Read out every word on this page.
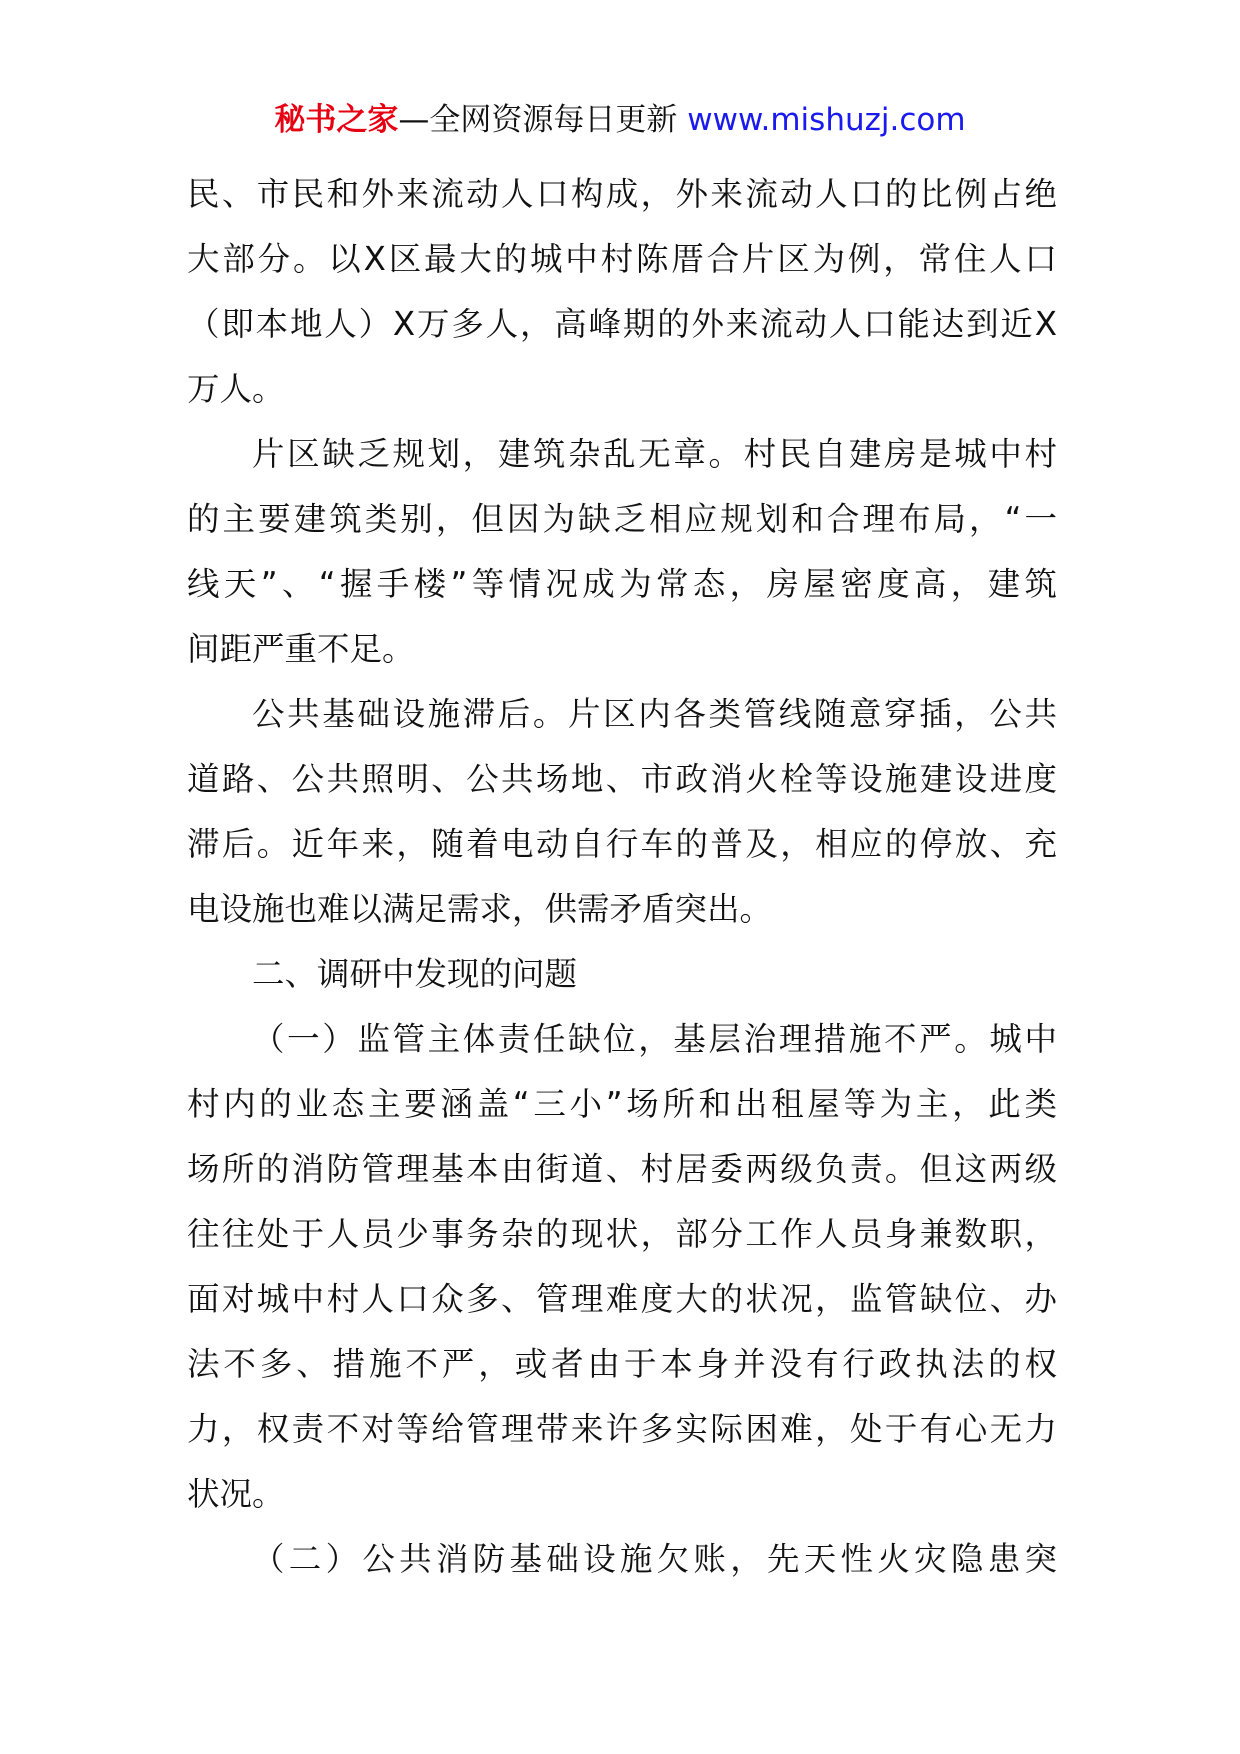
秘书之家—全网资源每日更新 www.mishuzj.com
民、市民和外来流动人口构成，外来流动人口的比例占绝
大部分。以X区最大的城中村陈厝合片区为例，常住人口
（即本地人）X万多人，高峰期的外来流动人口能达到近X
万人。
片区缺乏规划，建筑杂乱无章。村民自建房是城中村
的主要建筑类别，但因为缺乏相应规划和合理布局，“一
线天”、“握手楼”等情况成为常态，房屋密度高，建筑
间距严重不足。
公共基础设施滞后。片区内各类管线随意穿插，公共
道路、公共照明、公共场地、市政消火栓等设施建设进度
滞后。近年来，随着电动自行车的普及，相应的停放、充
电设施也难以满足需求，供需矛盾突出。
二、调研中发现的问题
（一）监管主体责任缺位，基层治理措施不严。城中
村内的业态主要涵盖“三小”场所和出租屋等为主，此类
场所的消防管理基本由街道、村居委两级负责。但这两级
往往处于人员少事务杂的现状，部分工作人员身兼数职，
面对城中村人口众多、管理难度大的状况，监管缺位、办
法不多、措施不严，或者由于本身并没有行政执法的权
力，权责不对等给管理带来许多实际困难，处于有心无力
状况。
（二）公共消防基础设施欠账，先天性火灾隐患突
